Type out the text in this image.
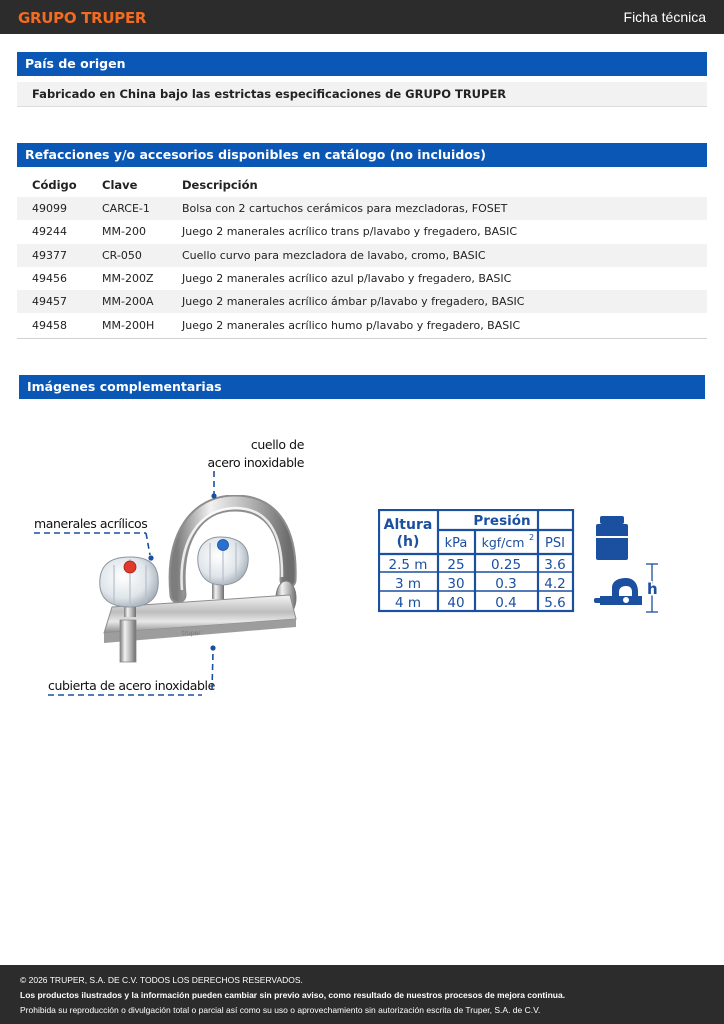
GRUPO TRUPER	Ficha técnica
País de origen
Fabricado en China bajo las estrictas especificaciones de GRUPO TRUPER
Refacciones y/o accesorios disponibles en catálogo (no incluidos)
Código	Clave	Descripción
49099	CARCE-1	Bolsa con 2 cartuchos cerámicos para mezcladoras, FOSET
49244	MM-200	Juego 2 manerales acrílico trans p/lavabo y fregadero, BASIC
49377	CR-050	Cuello curvo para mezcladora de lavabo, cromo, BASIC
49456	MM-200Z	Juego 2 manerales acrílico azul p/lavabo y fregadero, BASIC
49457	MM-200A	Juego 2 manerales acrílico ámbar p/lavabo y fregadero, BASIC
49458	MM-200H	Juego 2 manerales acrílico humo p/lavabo y fregadero, BASIC
Imágenes complementarias
truper
cuello de
acero inoxidable
manerales acrílicos
cubierta de acero inoxidable
Altura
(h)
Presión
kPa kgf/cm 2 PSI
2.5 m 25 0.25 3.6
3 m 30 0.3 4.2
4 m 40 0.4 5.6
h
© 2026 TRUPER, S.A. DE C.V. TODOS LOS DERECHOS RESERVADOS.
Los productos ilustrados y la información pueden cambiar sin previo aviso, como resultado de nuestros procesos de mejora continua.
Prohibida su reproducción o divulgación total o parcial así como su uso o aprovechamiento sin autorización escrita de Truper, S.A. de C.V.
